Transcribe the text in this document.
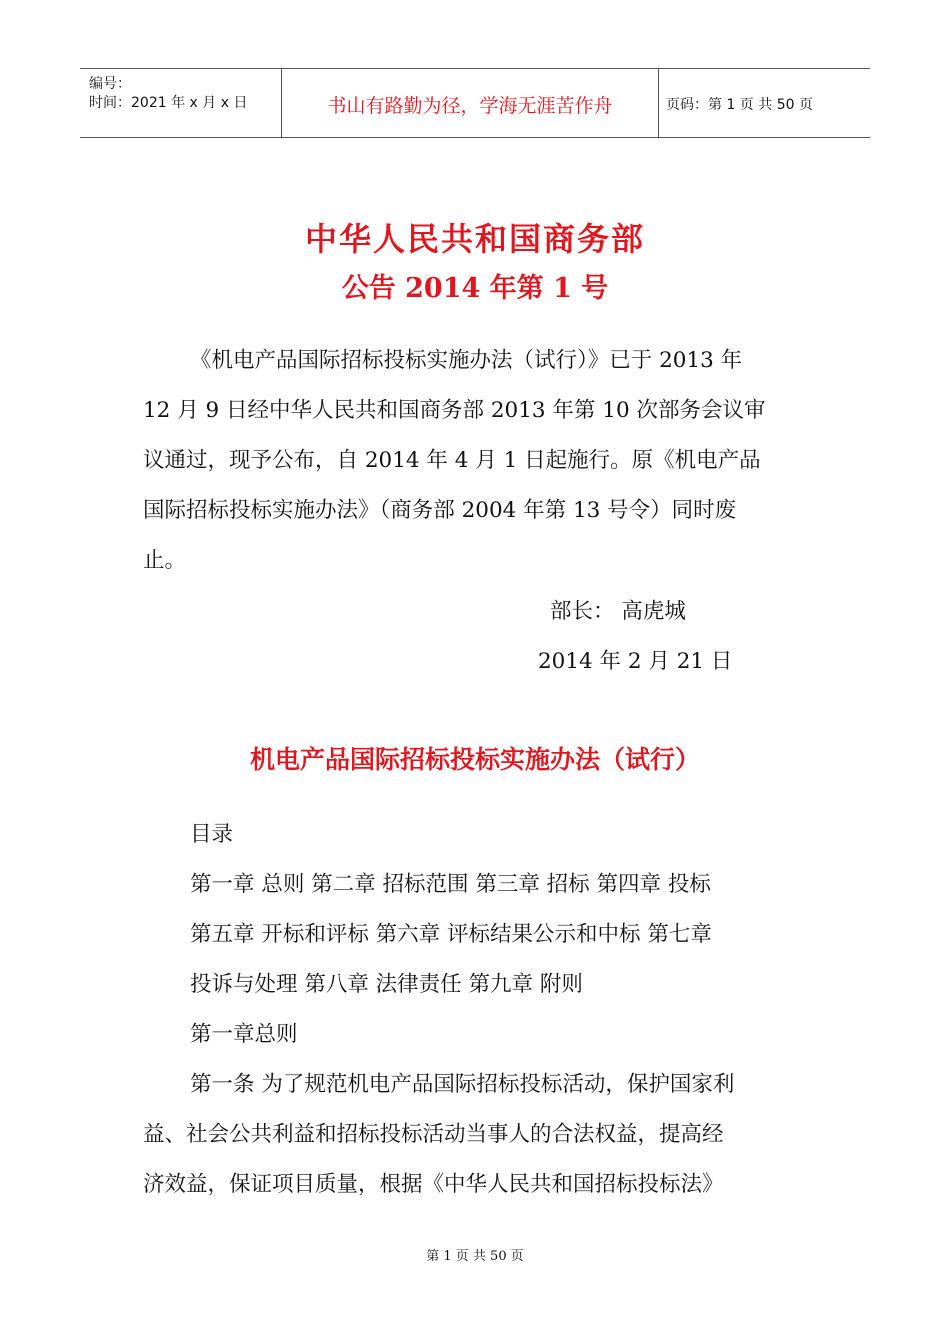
编号：
时间：2021 年 x 月 x 日	书山有路勤为径，学海无涯苦作舟	页码：第 1 页 共 50 页
中华人民共和国商务部
公告 2014 年第 1 号
《机电产品国际招标投标实施办法（试行）》已于 2013 年
12 月 9 日经中华人民共和国商务部 2013 年第 10 次部务会议审
议通过，现予公布，自 2014 年 4 月 1 日起施行。原《机电产品
国际招标投标实施办法》（商务部 2004 年第 13 号令）同时废
止。
部长： 高虎城
2014 年 2 月 21 日
机电产品国际招标投标实施办法（试行）
目录
第一章 总则 第二章 招标范围 第三章 招标 第四章 投标
第五章 开标和评标 第六章 评标结果公示和中标 第七章
投诉与处理 第八章 法律责任 第九章 附则
第一章总则
第一条 为了规范机电产品国际招标投标活动，保护国家利
益、社会公共利益和招标投标活动当事人的合法权益，提高经
济效益，保证项目质量，根据《中华人民共和国招标投标法》
第 1 页 共 50 页
